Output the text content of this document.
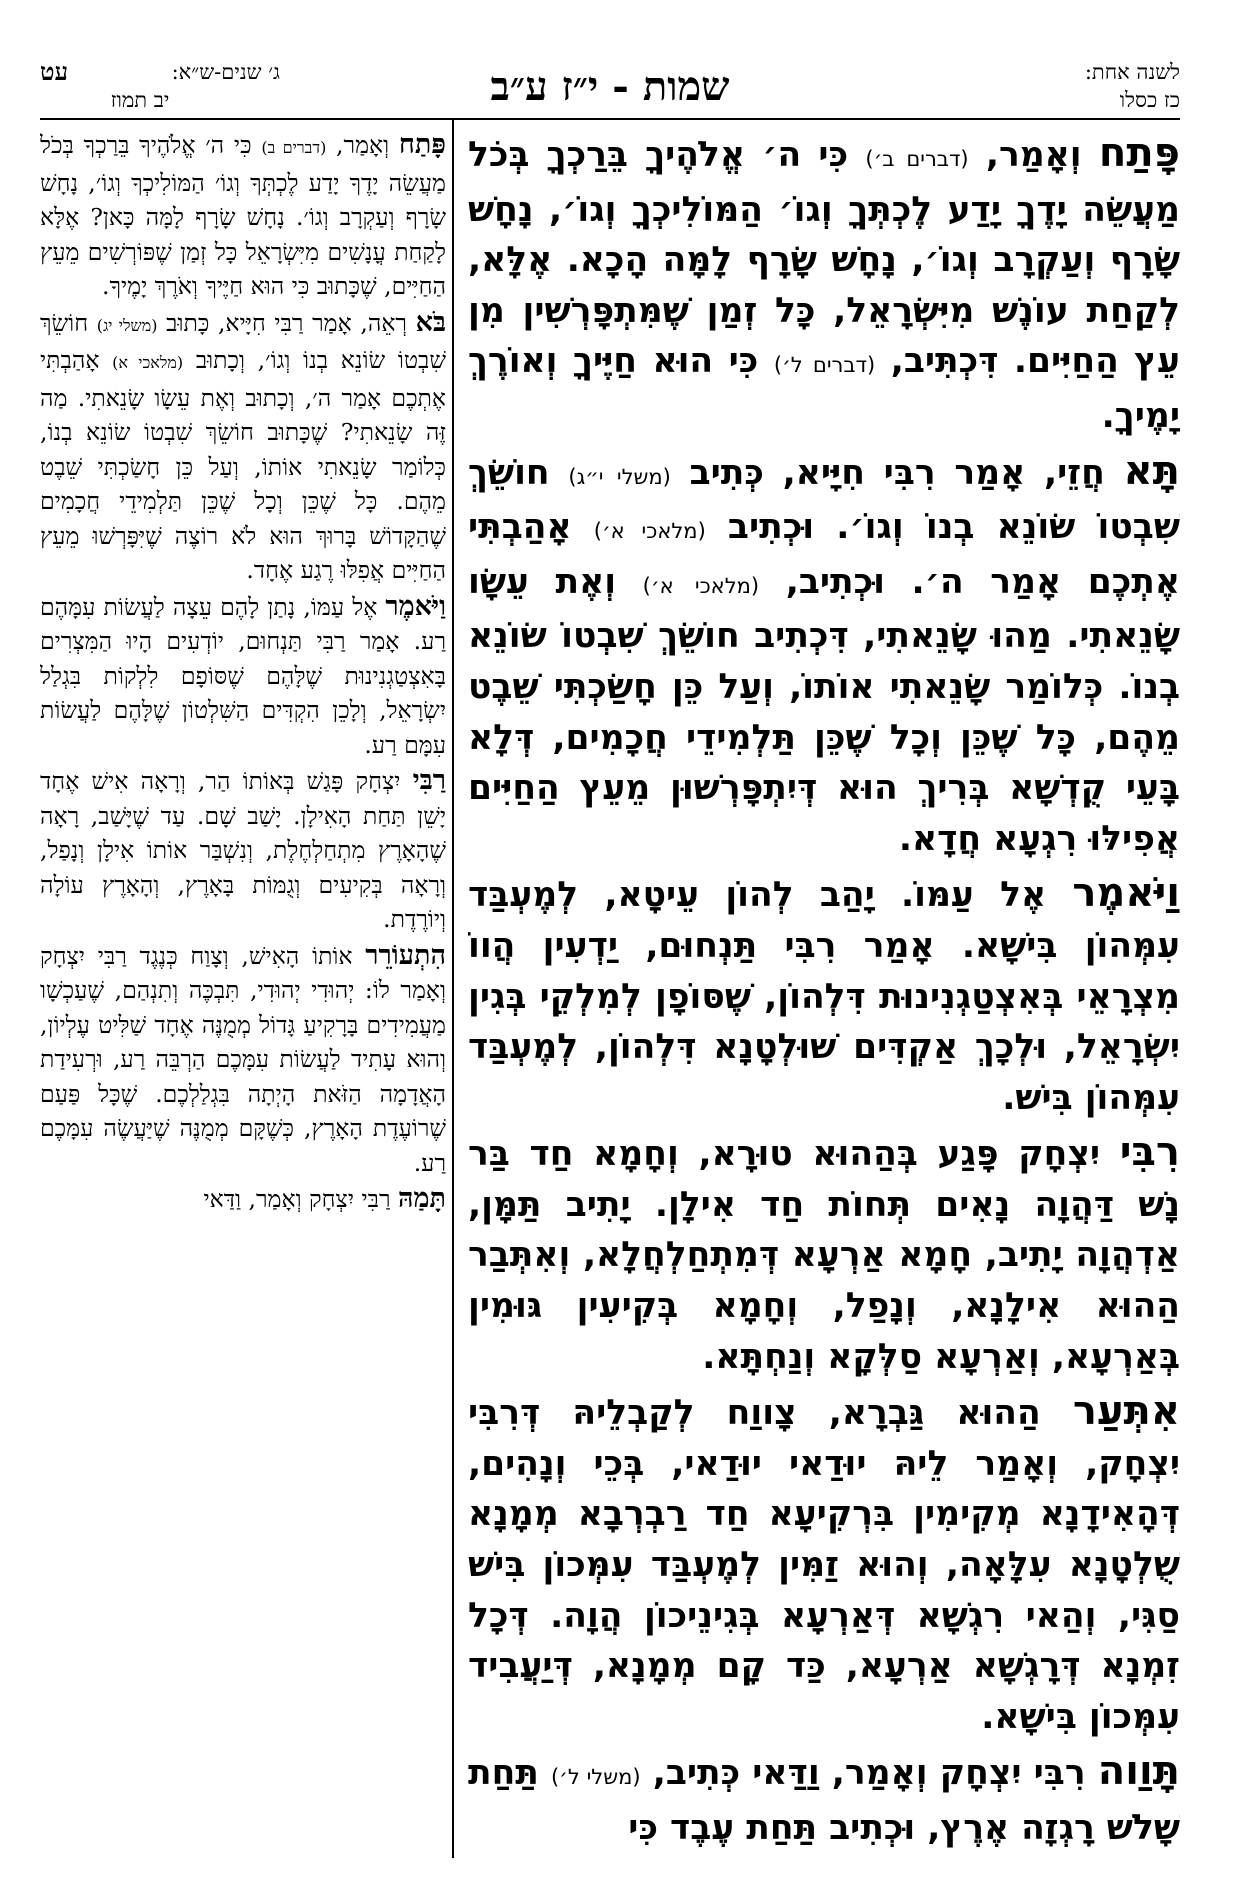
לשנה אחת:
כז כסלו
שמות - י״ז ע״ב
ג׳ שנים-ש״א:
עט
יב תמוז
פָּתַח וְאָמַר, (דברים ב׳) כִּי ה׳ אֱלֹהֶיךָ בֵּרַכְךָ בְּכֹל מַעֲשֵׂה יָדֶךָ יָדַע לֶכְתְּךָ וְגוֹ׳ הַמּוֹלִיכְךָ וְגוֹ׳, נָחָשׁ שָׂרָף וְעַקְרָב וְגוֹ׳, נָחָשׁ שָׂרָף לָמָּה הָכָא. אֶלָּא, לְקַחַת עוֹנֶשׁ מִיִּשְׂרָאֵל, כָּל זְמַן שֶׁמִּתְפָּרְשִׁין מִן עֵץ הַחַיִּים. דִּכְתִּיב, (דברים ל׳) כִּי הוּא חַיֶּיךָ וְאוֹרֶךְ יָמֶיךָ.
תָּא חֲזֵי, אָמַר רִבִּי חִיָּיא, כְּתִיב (משלי י״ג) חוֹשֵׂךְ שִׁבְטוֹ שׂוֹנֵא בְנוֹ וְגוֹ׳. וּכְתִיב (מלאכי א׳) אָהַבְתִּי אֶתְכֶם אָמַר ה׳. וּכְתִיב, (מלאכי א׳) וְאֶת עֵשָׂו שָׂנֵאתִי. מַהוּ שָׂנֵאתִי, דִּכְתִיב חוֹשֵׂךְ שִׁבְטוֹ שׂוֹנֵא בְנוֹ. כְּלוֹמַר שָׂנֵאתִי אוֹתוֹ, וְעַל כֵּן חָשַׂכְתִּי שֵׁבֶט מֵהֶם, כָּל שֶׁכֵּן וְכָל שֶׁכֵּן תַּלְמִידֵי חֲכָמִים, דְּלָא בָּעֵי קֻדְשָׁא בְּרִיךְ הוּא דְּיִתְפָּרְשׁוּן מֵעֵץ הַחַיִּים אֲפִילּוּ רִגְעָא חֲדָא.
וַיֹּאמֶר אֶל עַמּוֹ. יָהַב לְהוֹן עֵיטָא, לְמֶעְבַּד עִמְּהוֹן בִּישָׁא. אָמַר רִבִּי תַּנְחוּם, יַדְעִין הֲווֹ מִצְרָאֵי בְּאִצְטַגְנִינוּת דִּלְהוֹן, שֶׁסּוֹפָן לְמִלְקֵי בְּגִין יִשְׂרָאֵל, וּלְכָךְ אַקְדִּים שׁוּלְטָנָא דִּלְהוֹן, לְמֶעְבַּד עִמְּהוֹן בִּישׁ.
רִבִּי יִצְחָק פָּגַע בְּהַהוּא טוּרָא, וְחָמָא חַד בַּר נָשׁ דַּהֲוָה נָאִים תְּחוֹת חַד אִילָן. יָתִיב תַּמָּן, אַדְהֲוָה יָתִיב, חָמָא אַרְעָא דְּמִתְחַלְחֲלָא, וְאִתְּבַר הַהוּא אִילָנָא, וְנָפַל, וְחָמָא בְּקִיעִין גּוּמִין בְּאַרְעָא, וְאַרְעָא סַלְּקָא וְנַחְתָּא.
אִתְּעַר הַהוּא גַּבְרָא, צָווַח לְקַבְלֵיהּ דְּרִבִּי יִצְחָק, וְאָמַר לֵיהּ יוּדַאי יוּדַאי, בְּכֵי וְנָהִים, דְּהָאִידָנָא מְקִימִין בִּרְקִיעָא חַד רַבְרְבָא מְמָנָא שֻׁלְטָנָא עִלָּאָה, וְהוּא זַמִּין לְמֶעְבַּד עִמְּכוֹן בִּישׁ סַגִּי, וְהַאי רִגְשָׁא דְּאַרְעָא בְּגִינֵיכוֹן הֲוָה. דְּכָל זִמְנָא דְּרָגְשָׁא אַרְעָא, כַּד קָם מְמָנָא, דְּיַעֲבִיד עִמְּכוֹן בִּישָׁא.
תָּוַוה רִבִּי יִצְחָק וְאָמַר, וַדַּאי כְּתִיב, (משלי ל׳) תַּחַת שָׁלֹשׁ רָגְזָה אֶרֶץ, וּכְתִיב תַּחַת עֶבֶד כִּי
פָּתַח וְאָמַר, (דברים ב) כִּי ה׳ אֱלֹהֶיךָ בֵּרַכְךָ בְּכֹל מַעֲשֵׂה יָדֶךָ יָדַע לֶכְתְּךָ וְגוֹ׳ הַמּוֹלִיכְךָ וְגוֹ׳, נָחָשׁ שָׂרָף וְעַקְרָב וְגוֹ׳. נָחָשׁ שָׂרָף לָמָּה כָּאן? אֶלָּא לָקַחַת עֳנָשִׁים מִיִּשְׂרָאֵל כָּל זְמַן שֶׁפּוֹרְשִׁים מֵעֵץ הַחַיִּים, שֶׁכָּתוּב כִּי הוּא חַיֶּיךָ וְאֹרֶךְ יָמֶיךָ.
בֹּא רְאֵה, אָמַר רַבִּי חִיָּיא, כָּתוּב (משלי יג) חוֹשֵׂךְ שִׁבְטוֹ שׂוֹנֵא בְנוֹ וְגוֹ׳, וְכָתוּב (מלאכי א) אָהַבְתִּי אֶתְכֶם אָמַר ה׳, וְכָתוּב וְאֶת עֵשָׂו שָׂנֵאתִי. מַה זֶּה שָׂנֵאתִי? שֶׁכָּתוּב חוֹשֵׂךְ שִׁבְטוֹ שׂוֹנֵא בְנוֹ, כְּלוֹמַר שָׂנֵאתִי אוֹתוֹ, וְעַל כֵּן חָשַׂכְתִּי שֵׁבֶט מֵהֶם. כָּל שֶׁכֵּן וְכָל שֶׁכֵּן תַּלְמִידֵי חֲכָמִים שֶׁהַקָּדוֹשׁ בָּרוּךְ הוּא לֹא רוֹצֶה שֶׁיִּפָּרְשׁוּ מֵעֵץ הַחַיִּים אֲפִלּוּ רֶגַע אֶחָד.
וַיֹּאמֶר אֶל עַמּוֹ, נָתַן לָהֶם עֵצָה לַעֲשׂוֹת עִמָּהֶם רַע. אָמַר רַבִּי תַּנְחוּם, יוֹדְעִים הָיוּ הַמִּצְרִים בָּאִצְטַגְנִינוּת שֶׁלָּהֶם שֶׁסּוֹפָם לִלְקוֹת בִּגְלַל יִשְׂרָאֵל, וְלָכֵן הִקְדִּים הַשִּׁלְטוֹן שֶׁלָּהֶם לַעֲשׂוֹת עִמָּם רַע.
רַבִּי יִצְחָק פָּגַשׁ בְּאוֹתוֹ הַר, וְרָאָה אִישׁ אֶחָד יָשֵׁן תַּחַת הָאִילָן. יָשַׁב שָׁם. עַד שֶׁיָּשַׁב, רָאָה שֶׁהָאָרֶץ מִתְחַלְחֶלֶת, וְנִשְׁבַּר אוֹתוֹ אִילָן וְנָפַל, וְרָאָה בְּקִיעִים וְגֻמּוֹת בָּאָרֶץ, וְהָאָרֶץ עוֹלָה וְיוֹרֶדֶת.
הִתְעוֹרֵר אוֹתוֹ הָאִישׁ, וְצָוַח כְּנֶגֶד רַבִּי יִצְחָק וְאָמַר לוֹ: יְהוּדִי יְהוּדִי, תִּבְכֶּה וְתִנְהַם, שֶׁעַכְשָׁו מַעֲמִידִים בָּרָקִיעַ גָּדוֹל מְמֻנֶּה אֶחָד שַׁלִּיט עֶלְיוֹן, וְהוּא עָתִיד לַעֲשׂוֹת עִמָּכֶם הַרְבֵּה רַע, וּרְעִידַת הָאֲדָמָה הַזֹּאת הָיְתָה בִּגְלַלְכֶם. שֶׁכָּל פַּעַם שֶׁרוֹעֶדֶת הָאָרֶץ, כְּשֶׁקָּם מְמֻנֶּה שֶׁיַּעֲשֶׂה עִמָּכֶם רַע.
תָּמַהּ רַבִּי יִצְחָק וְאָמַר, וַדַּאי
